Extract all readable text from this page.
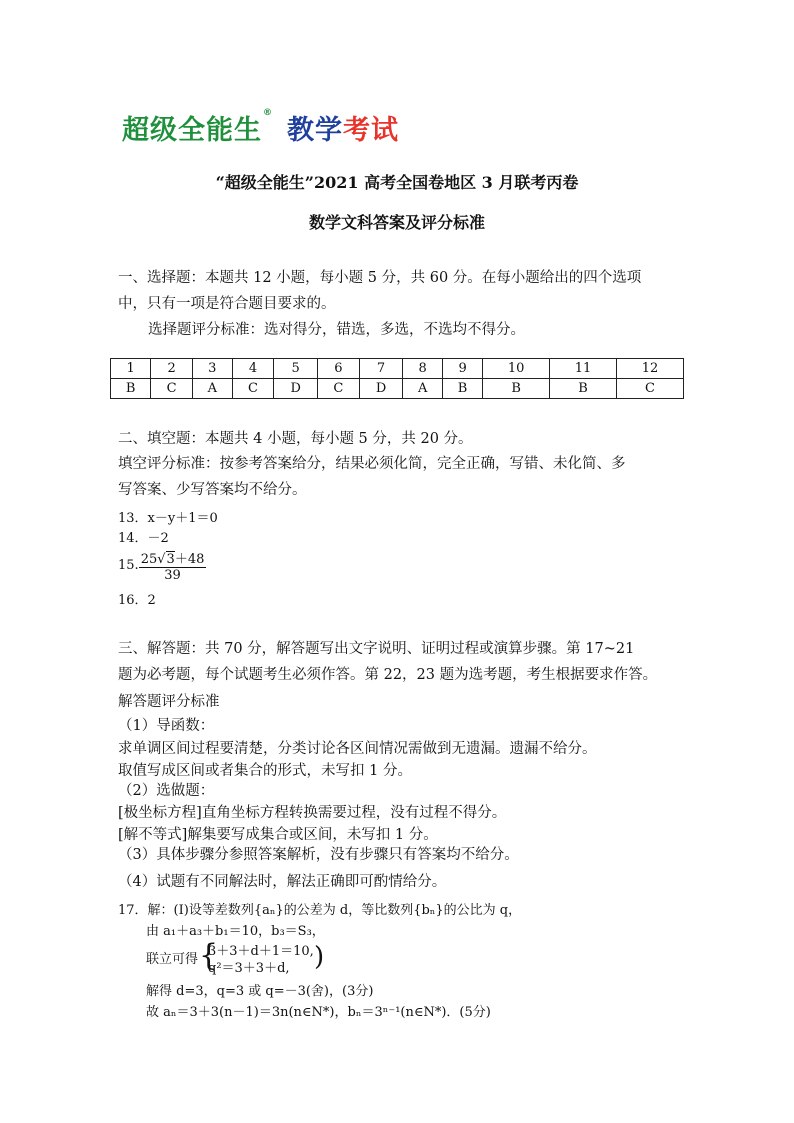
超级全能生®教学考试
“超级全能生”2021 高考全国卷地区 3 月联考丙卷
数学文科答案及评分标准
一、选择题：本题共 12 小题，每小题 5 分，共 60 分。在每小题给出的四个选项
中，只有一项是符合题目要求的。
选择题评分标准：选对得分，错选，多选，不选均不得分。
1	2	3	4	5	6	7	8	9	10	11	12
B	C	A	C	D	C	D	A	B	B	B	C
二、填空题：本题共 4 小题，每小题 5 分，共 20 分。
填空评分标准：按参考答案给分，结果必须化简，完全正确，写错、未化简、多
写答案、少写答案均不给分。
13．x－y＋1＝0
14．－2
15. $\frac{25√3+48}{39}$
16．2
三、解答题：共 70 分，解答题写出文字说明、证明过程或演算步骤。第 17~21
题为必考题，每个试题考生必须作答。第 22，23 题为选考题，考生根据要求作答。
解答题评分标准
（1）导函数：
求单调区间过程要清楚，分类讨论各区间情况需做到无遗漏。遗漏不给分。
取值写成区间或者集合的形式，未写扣 1 分。
（2）选做题：
[极坐标方程]直角坐标方程转换需要过程，没有过程不得分。
[解不等式]解集要写成集合或区间，未写扣 1 分。
（3）具体步骤分参照答案解析，没有步骤只有答案均不给分。
（4）试题有不同解法时，解法正确即可酌情给分。
17．解：(Ⅰ)设等差数列{aₙ}的公差为 d，等比数列{bₙ}的公比为 q，
由 a₁＋a₃＋b₁＝10，b₃＝S₃，
联立可得 {
3＋3＋d＋1＝10,
q²＝3＋3＋d, )
解得 d=3，q=3 或 q=－3(舍)，(3分)
故 aₙ＝3＋3(n－1)＝3n(n∈N*)，bₙ＝3ⁿ⁻¹(n∈N*)．(5分)
